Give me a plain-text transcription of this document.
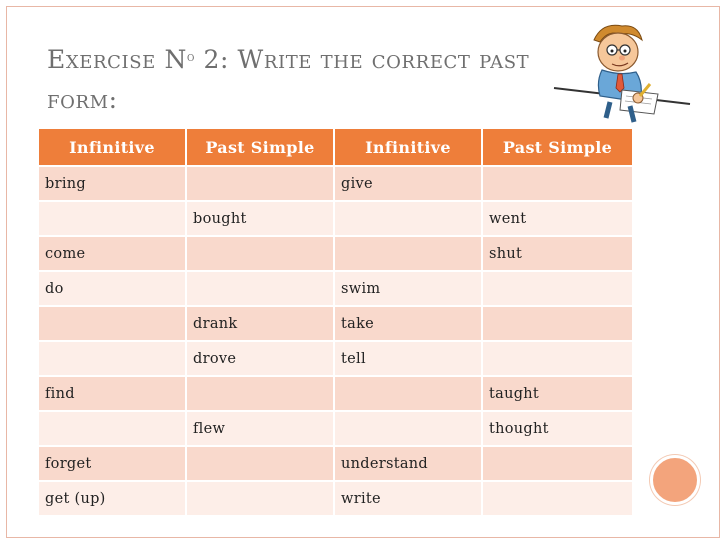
Exercise $N^o$ 2: Write the correct past form:
Infinitive	Past Simple	Infinitive	Past Simple
bring		give	
	bought		went
come			shut
do		swim	
	drank	take	
	drove	tell	
find			taught
	flew		thought
forget		understand	
get (up)		write	
